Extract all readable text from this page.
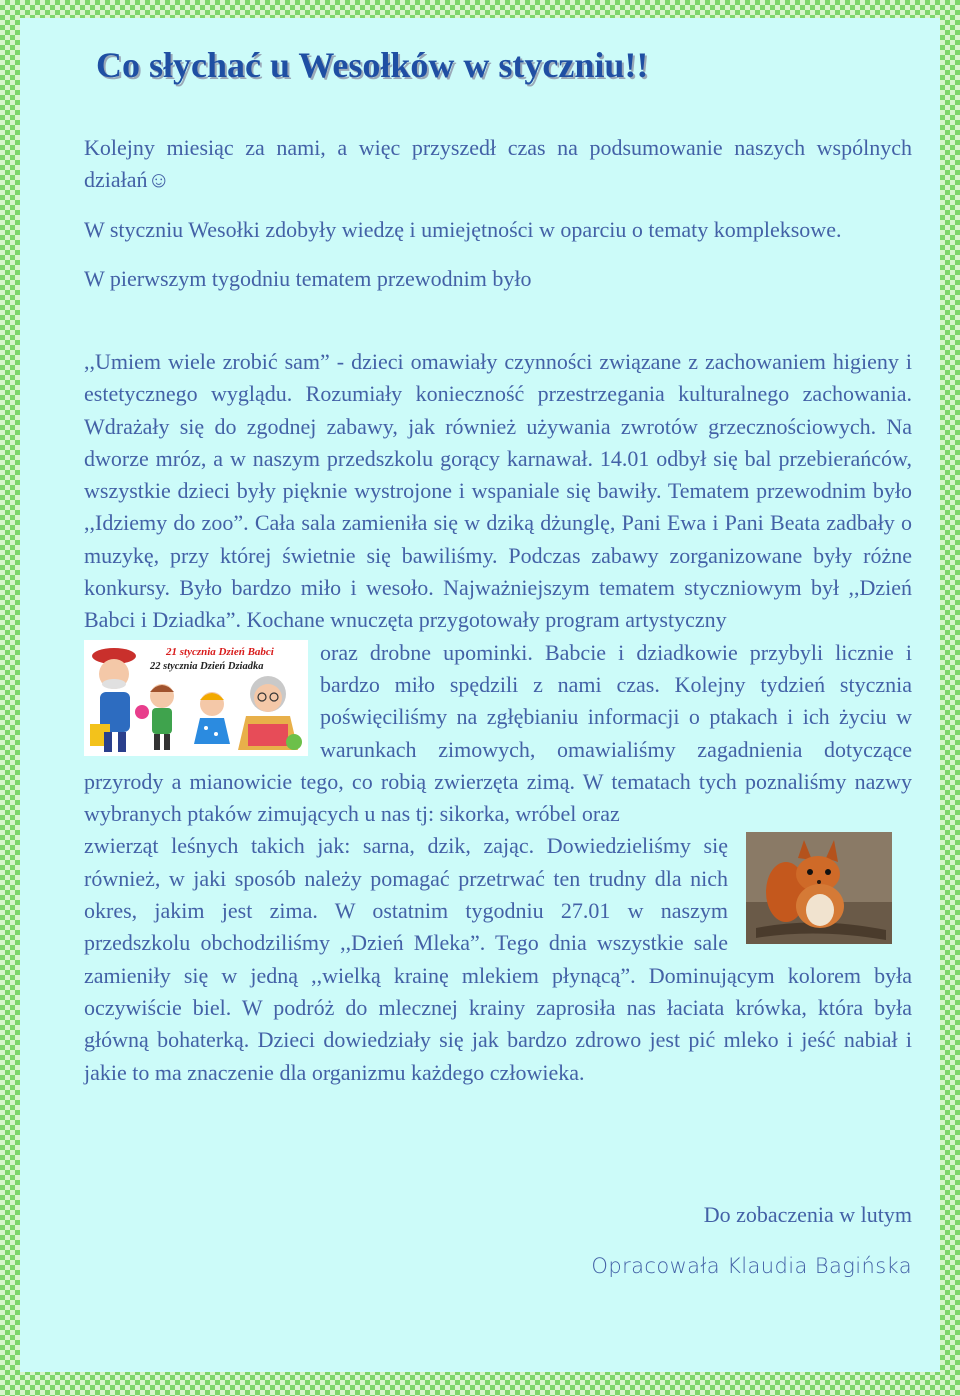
Co słychać u Wesołków w styczniu!!

Kolejny miesiąc za nami, a więc przyszedł czas na podsumowanie naszych wspólnych działań☺

W styczniu Wesołki zdobyły wiedzę i umiejętności w oparciu o tematy kompleksowe.

W pierwszym tygodniu tematem przewodnim było

,,Umiem wiele zrobić sam” - dzieci omawiały czynności związane z zachowaniem higieny i estetycznego wyglądu. Rozumiały konieczność przestrzegania kulturalnego zachowania. Wdrażały się do zgodnej zabawy, jak również używania zwrotów grzecznościowych. Na dworze mróz, a w naszym przedszkolu gorący karnawał. 14.01 odbył się bal przebierańców, wszystkie dzieci były pięknie wystrojone i wspaniale się bawiły. Tematem przewodnim było ,,Idziemy do zoo”. Cała sala zamieniła się w dziką dżunglę, Pani Ewa i Pani Beata zadbały o muzykę, przy której świetnie się bawiliśmy. Podczas zabawy zorganizowane były różne konkursy. Było bardzo miło i wesoło. Najważniejszym tematem styczniowym był ,,Dzień Babci i Dziadka”. Kochane wnuczęta przygotowały program artystyczny

21 stycznia Dzień Babci
22 stycznia Dzień Dziadka

oraz drobne upominki. Babcie i dziadkowie przybyli licznie i bardzo miło spędzili z nami czas. Kolejny tydzień stycznia poświęciliśmy na zgłębianiu informacji o ptakach i ich życiu w warunkach zimowych, omawialiśmy zagadnienia dotyczące przyrody a mianowicie tego, co robią zwierzęta zimą. W tematach tych poznaliśmy nazwy wybranych ptaków zimujących u nas tj: sikorka, wróbel oraz

zwierząt leśnych takich jak: sarna, dzik, zając. Dowiedzieliśmy się również, w jaki sposób należy pomagać przetrwać ten trudny dla nich okres, jakim jest zima. W ostatnim tygodniu 27.01 w naszym przedszkolu obchodziliśmy ,,Dzień Mleka”. Tego dnia wszystkie sale zamieniły się w jedną ,,wielką krainę mlekiem płynącą”. Dominującym kolorem była oczywiście biel. W podróż do mlecznej krainy zaprosiła nas łaciata krówka, która była główną bohaterką. Dzieci dowiedziały się jak bardzo zdrowo jest pić mleko i jeść nabiał i jakie to ma znaczenie dla organizmu każdego człowieka.

Do zobaczenia w lutym

Opracowała Klaudia Bagińska
